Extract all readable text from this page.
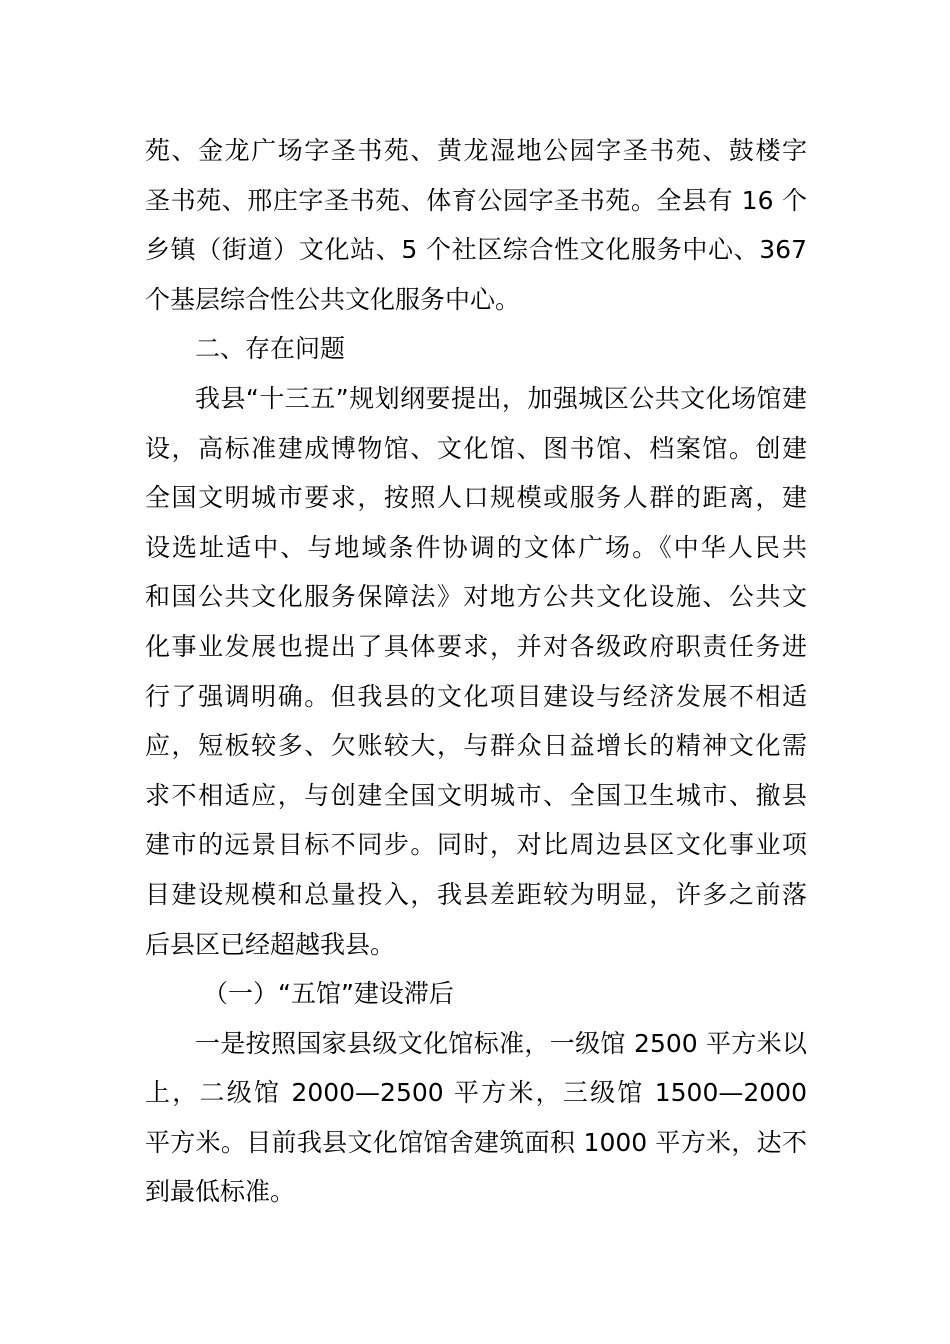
苑、金龙广场字圣书苑、黄龙湿地公园字圣书苑、鼓楼字
圣书苑、邢庄字圣书苑、体育公园字圣书苑。全县有 16 个
乡镇（街道）文化站、5 个社区综合性文化服务中心、367
个基层综合性公共文化服务中心。
二、存在问题
我县“十三五”规划纲要提出，加强城区公共文化场馆建
设，高标准建成博物馆、文化馆、图书馆、档案馆。创建
全国文明城市要求，按照人口规模或服务人群的距离，建
设选址适中、与地域条件协调的文体广场。《中华人民共
和国公共文化服务保障法》对地方公共文化设施、公共文
化事业发展也提出了具体要求，并对各级政府职责任务进
行了强调明确。但我县的文化项目建设与经济发展不相适
应，短板较多、欠账较大，与群众日益增长的精神文化需
求不相适应，与创建全国文明城市、全国卫生城市、撤县
建市的远景目标不同步。同时，对比周边县区文化事业项
目建设规模和总量投入，我县差距较为明显，许多之前落
后县区已经超越我县。
（一）“五馆”建设滞后
一是按照国家县级文化馆标准，一级馆 2500 平方米以
上，二级馆 2000—2500 平方米，三级馆 1500—2000
平方米。目前我县文化馆馆舍建筑面积 1000 平方米，达不
到最低标准。
